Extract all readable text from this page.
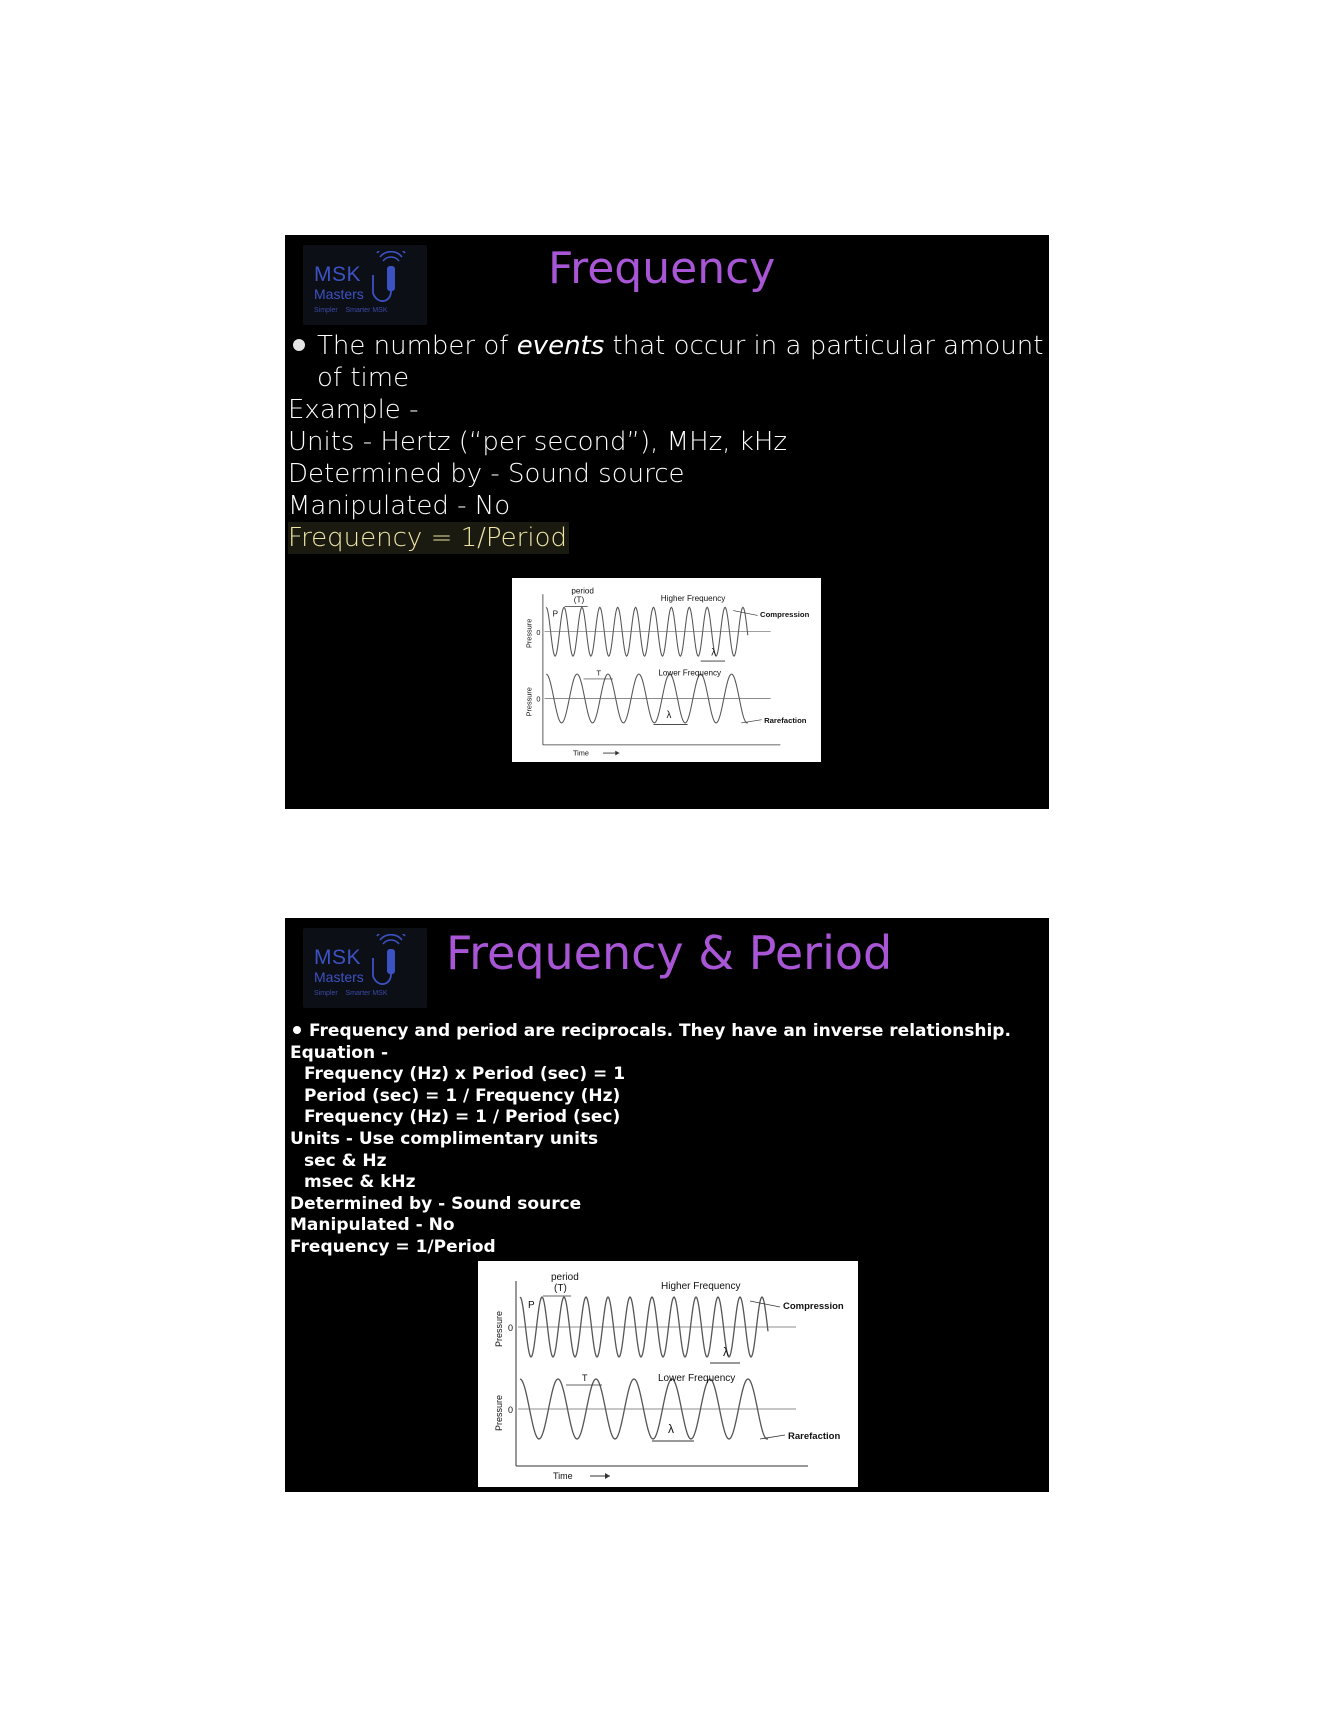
MSK
Masters
Simpler    Smarter MSK
Frequency
The number of events that occur in a particular amount
of time
Example -
Units - Hertz (“per second”), MHz, kHz
Determined by - Sound source
Manipulated - No
Frequency = 1/Period
period
(T)
P
0
Pressure
Higher Frequency
Compression
λ
T	Lower Frequency
Pressure 0
λ	Rarefaction
Time
MSK
Masters
Simpler    Smarter MSK
Frequency & Period
Frequency and period are reciprocals. They have an inverse relationship.
Equation -
Frequency (Hz) x Period (sec) = 1
Period (sec) = 1 / Frequency (Hz)
Frequency (Hz) = 1 / Period (sec)
Units - Use complimentary units
sec & Hz
msec & kHz
Determined by - Sound source
Manipulated - No
Frequency = 1/Period
period
(T)
P
0
Pressure
Higher Frequency
Compression
λ
T	Lower Frequency
Pressure 0
λ
Rarefaction
Time
